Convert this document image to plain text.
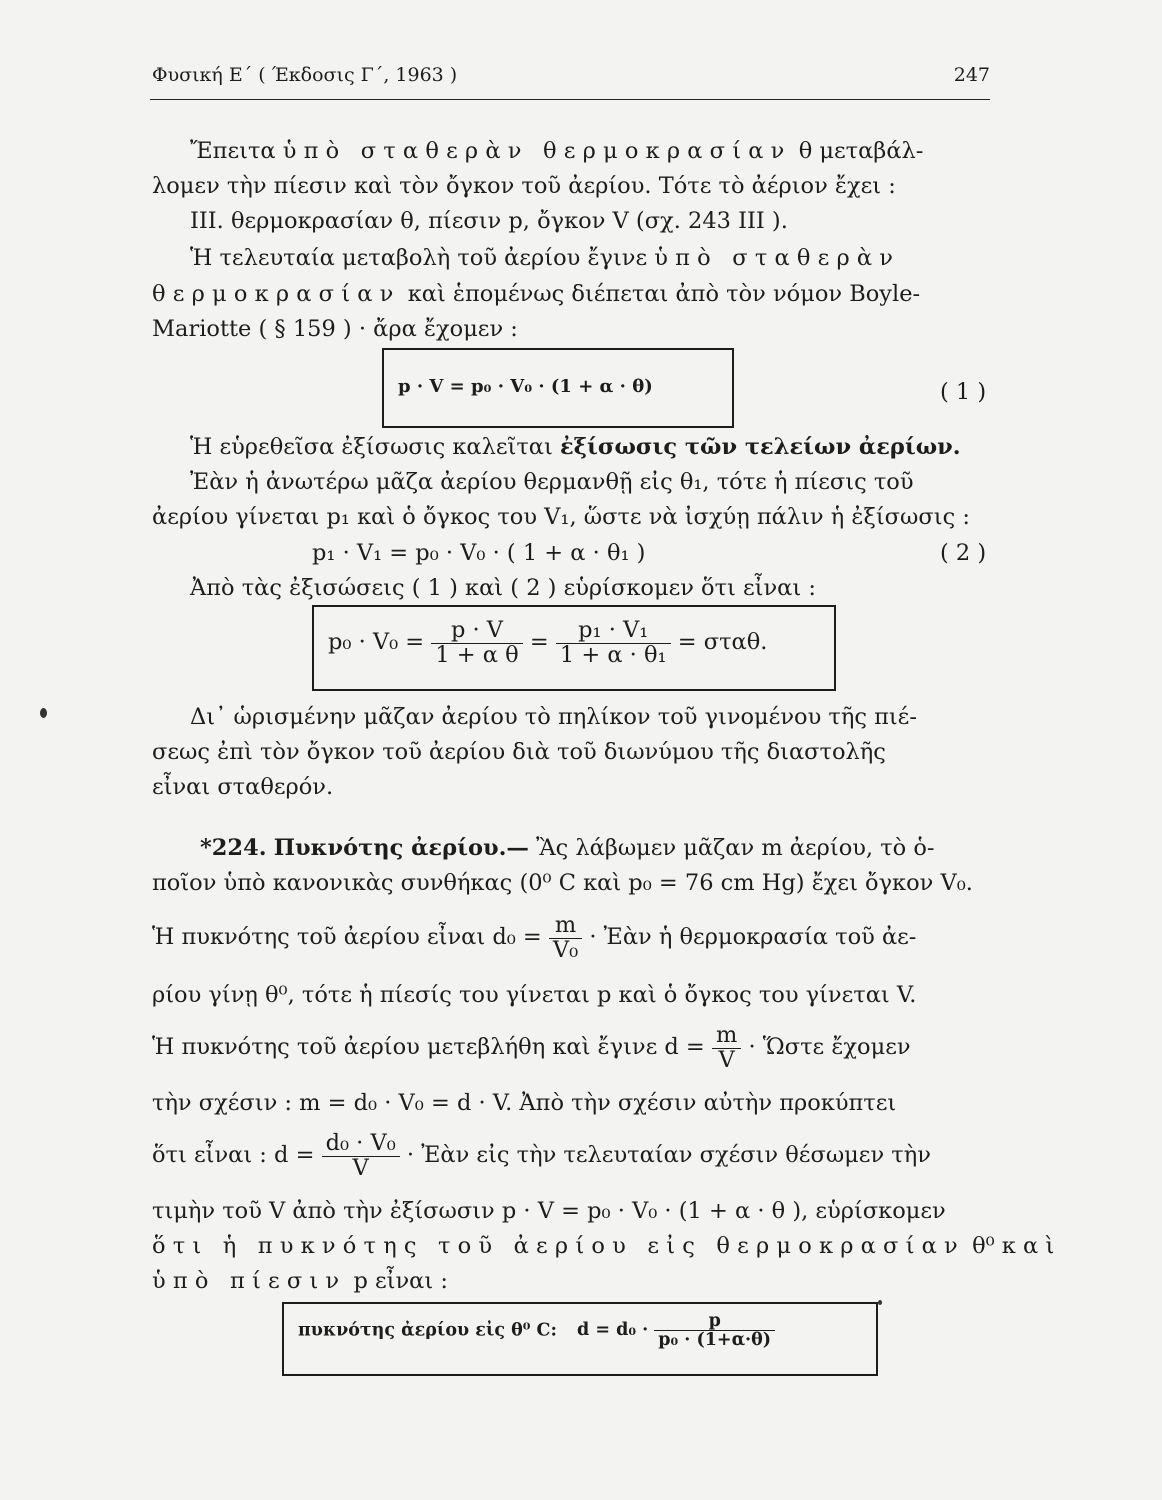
Φυσική Ε΄ ( Έκδοσις Γ΄, 1963 )	247
Ἔπειτα ὑπὸ σταθερὰν θερμοκρασίαν θ μεταβάλ-
λομεν τὴν πίεσιν καὶ τὸν ὄγκον τοῦ ἀερίου. Τότε τὸ ἀέριον ἔχει :
III. θερμοκρασίαν θ, πίεσιν p, ὄγκον V (σχ. 243 III ).
Ἡ τελευταία μεταβολὴ τοῦ ἀερίου ἔγινε ὑπὸ σταθερὰν
θερμοκρασίαν καὶ ἑπομένως διέπεται ἀπὸ τὸν νόμον Boyle-
Mariotte ( § 159 ) · ἄρα ἔχομεν :
p · V = p₀ · V₀ · (1 + α · θ)	( 1 )
Ἡ εὑρεθεῖσα ἐξίσωσις καλεῖται ἐξίσωσις τῶν τελείων ἀερίων.
Ἐὰν ἡ ἀνωτέρω μᾶζα ἀερίου θερμανθῇ εἰς θ₁, τότε ἡ πίεσις τοῦ
ἀερίου γίνεται p₁ καὶ ὁ ὄγκος του V₁, ὥστε νὰ ἰσχύῃ πάλιν ἡ ἐξίσωσις :
p₁ · V₁ = p₀ · V₀ · ( 1 + α · θ₁ )	( 2 )
Ἀπὸ τὰς ἐξισώσεις ( 1 ) καὶ ( 2 ) εὑρίσκομεν ὅτι εἶναι :
$p_0 \cdot V_0 = \frac{p \cdot V}{\text{1 + α θ}} = \frac{\text{p₁ · V₁}}{\text{1 + α · θ₁}} = \sigma\tau\alpha\theta$.
Δι᾽ ὡρισμένην μᾶζαν ἀερίου τὸ πηλίκον τοῦ γινομένου τῆς πιέ-
σεως ἐπὶ τὸν ὄγκον τοῦ ἀερίου διὰ τοῦ διωνύμου τῆς διαστολῆς
εἶναι σταθερόν.
*224. Πυκνότης ἀερίου.— Ἂς λάβωμεν μᾶζαν m ἀερίου, τὸ ὁ-
ποῖον ὑπὸ κανονικὰς συνθήκας (0⁰ C καὶ p₀ = 76 cm Hg) ἔχει ὄγκον V₀.
Ἡ πυκνότης τοῦ ἀερίου εἶναι $d_0 = \frac{m}{\text{V₀}}$ · Ἐὰν ἡ θερμοκρασία τοῦ ἀε-
ρίου γίνῃ θ⁰, τότε ἡ πίεσίς του γίνεται p καὶ ὁ ὄγκος του γίνεται V.
Ἡ πυκνότης τοῦ ἀερίου μετεβλήθη καὶ ἔγινε $d = \frac{m}{V}$ · Ὥστε ἔχομεν
τὴν σχέσιν : m = d₀ · V₀ = d · V. Ἀπὸ τὴν σχέσιν αὐτὴν προκύπτει
ὅτι εἶναι : $d = \frac{\text{d₀ · V₀}}{V}$ · Ἐὰν εἰς τὴν τελευταίαν σχέσιν θέσωμεν τὴν
τιμὴν τοῦ V ἀπὸ τὴν ἐξίσωσιν p · V = p₀ · V₀ · (1 + α · θ ), εὑρίσκομεν
ὅτι ἡ πυκνότης τοῦ ἀερίου εἰς θερμοκρασίαν θ⁰ καὶ
ὑπὸ πίεσιν p εἶναι :
πυκνότης ἀερίου εἰς θ⁰ C: $d = d_0 \cdot \frac{p}{\text{p₀ · (1+α·θ)}}$
